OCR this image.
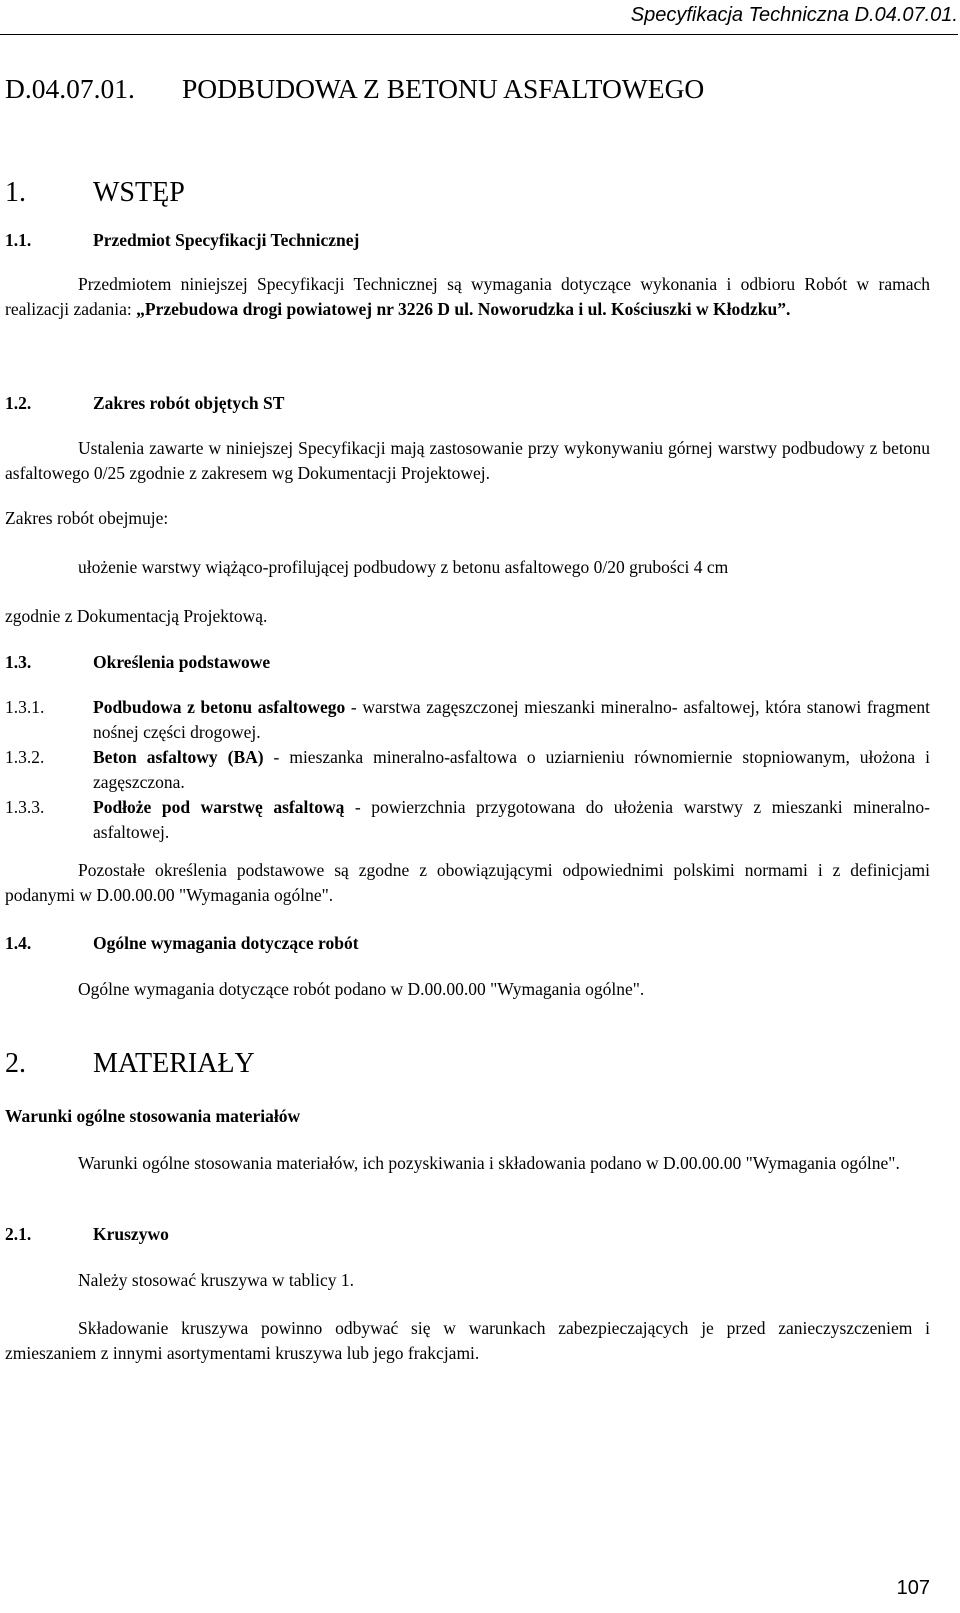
Specyfikacja Techniczna D.04.07.01.
D.04.07.01. PODBUDOWA Z BETONU ASFALTOWEGO
1. WSTĘP
1.1.	Przedmiot Specyfikacji Technicznej
Przedmiotem niniejszej Specyfikacji Technicznej są wymagania dotyczące wykonania i odbioru Robót w ramach realizacji zadania: „Przebudowa drogi powiatowej nr 3226 D ul. Noworudzka i ul. Kościuszki w Kłodzku”.
1.2.	Zakres robót objętych ST
Ustalenia zawarte w niniejszej Specyfikacji mają zastosowanie przy wykonywaniu górnej warstwy podbudowy z betonu asfaltowego 0/25 zgodnie z zakresem wg Dokumentacji Projektowej.
Zakres robót obejmuje:
ułożenie warstwy wiążąco-profilującej podbudowy z betonu asfaltowego 0/20 grubości 4 cm
zgodnie z Dokumentacją Projektową.
1.3.	Określenia podstawowe
1.3.1.	Podbudowa z betonu asfaltowego - warstwa zagęszczonej mieszanki mineralno- asfaltowej, która stanowi fragment nośnej części drogowej.
1.3.2.	Beton asfaltowy (BA) - mieszanka mineralno-asfaltowa o uziarnieniu równomiernie stopniowanym, ułożona i zagęszczona.
1.3.3.	Podłoże pod warstwę asfaltową - powierzchnia przygotowana do ułożenia warstwy z mieszanki mineralno-asfaltowej.
Pozostałe określenia podstawowe są zgodne z obowiązującymi odpowiednimi polskimi normami i z definicjami podanymi w D.00.00.00 "Wymagania ogólne".
1.4.	Ogólne wymagania dotyczące robót
Ogólne wymagania dotyczące robót podano w D.00.00.00 "Wymagania ogólne".
2. MATERIAŁY
Warunki ogólne stosowania materiałów
Warunki ogólne stosowania materiałów, ich pozyskiwania i składowania podano w D.00.00.00 "Wymagania ogólne".
2.1.	Kruszywo
Należy stosować kruszywa w tablicy 1.
Składowanie kruszywa powinno odbywać się w warunkach zabezpieczających je przed zanieczyszczeniem i zmieszaniem z innymi asortymentami kruszywa lub jego frakcjami.
107
